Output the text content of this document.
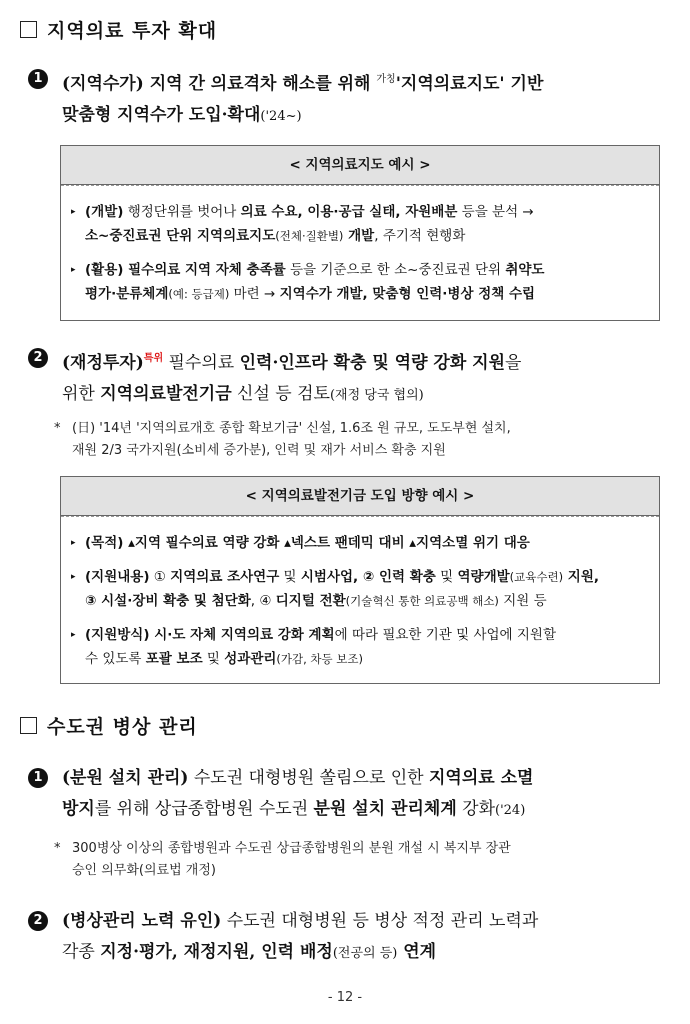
지역의료 투자 확대
1	(지역수가) 지역 간 의료격차 해소를 위해 $^{가칭}$'지역의료지도' 기반
맞춤형 지역수가 도입·확대('24~)
< 지역의료지도 예시 >
▸ (개발) 행정단위를 벗어나 의료 수요, 이용·공급 실태, 자원배분 등을 분석 →
소~중진료권 단위 지역의료지도(전체·질환별) 개발, 주기적 현행화
▸ (활용) 필수의료 지역 자체 충족률 등을 기준으로 한 소~중진료권 단위 취약도
평가·분류체계(예: 등급제) 마련 → 지역수가 개발, 맞춤형 인력·병상 정책 수립
2	(재정투자)$^{특위}$ 필수의료 인력·인프라 확충 및 역량 강화 지원을
위한 지역의료발전기금 신설 등 검토(재정 당국 협의)
* (日) '14년 '지역의료개호 종합 확보기금' 신설, 1.6조 원 규모, 도도부현 설치,
재원 2/3 국가지원(소비세 증가분), 인력 및 재가 서비스 확충 지원
< 지역의료발전기금 도입 방향 예시 >
▸ (목적) ▴지역 필수의료 역량 강화 ▴넥스트 팬데믹 대비 ▴지역소멸 위기 대응
▸ (지원내용) ① 지역의료 조사연구 및 시범사업, ② 인력 확충 및 역량개발(교육수련) 지원,
③ 시설·장비 확충 및 첨단화, ④ 디지털 전환(기술혁신 통한 의료공백 해소) 지원 등
▸ (지원방식) 시·도 자체 지역의료 강화 계획에 따라 필요한 기관 및 사업에 지원할
수 있도록 포괄 보조 및 성과관리(가감, 차등 보조)
수도권 병상 관리
1	(분원 설치 관리) 수도권 대형병원 쏠림으로 인한 지역의료 소멸
방지를 위해 상급종합병원 수도권 분원 설치 관리체계 강화('24)
* 300병상 이상의 종합병원과 수도권 상급종합병원의 분원 개설 시 복지부 장관
승인 의무화(의료법 개정)
2	(병상관리 노력 유인) 수도권 대형병원 등 병상 적정 관리 노력과
각종 지정·평가, 재정지원, 인력 배정(전공의 등) 연계
- 12 -
